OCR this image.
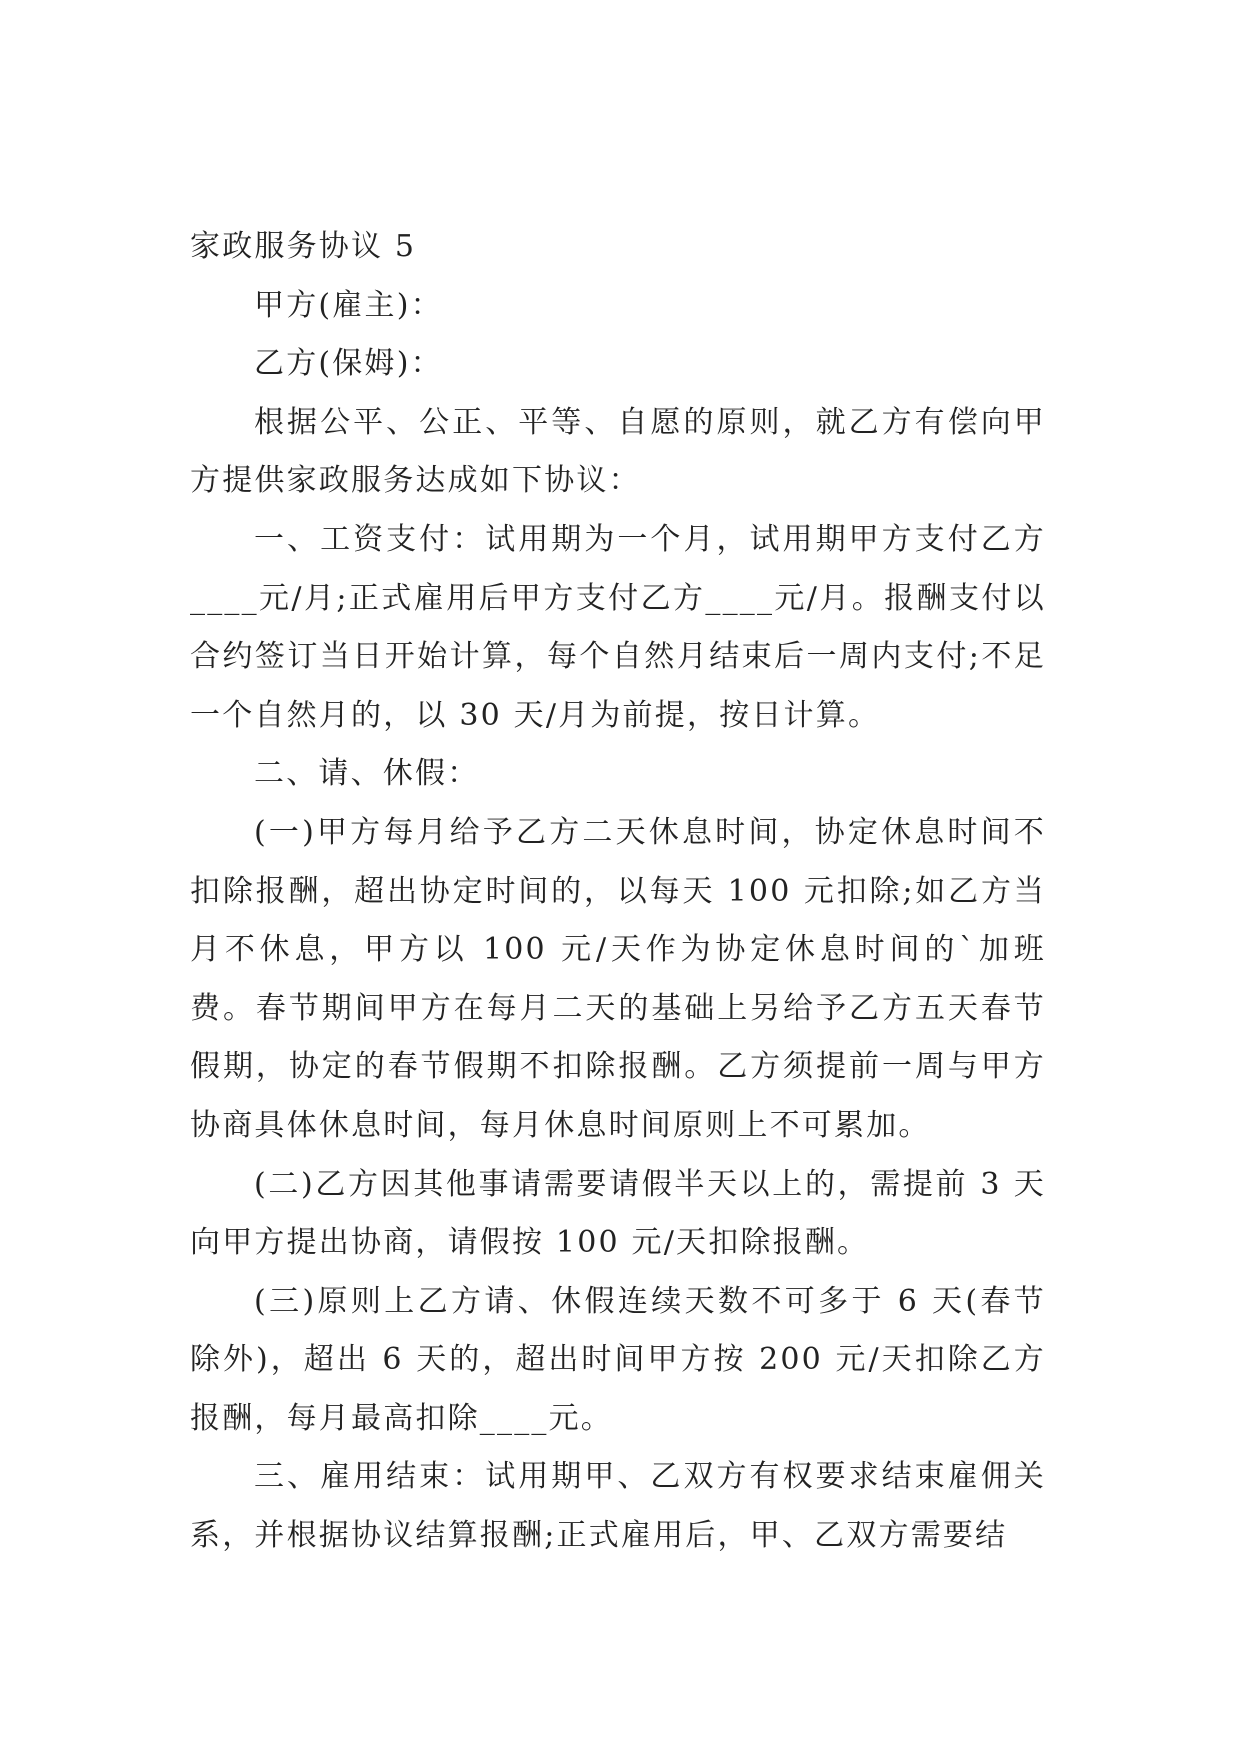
家政服务协议 5

甲方(雇主)：

乙方(保姆)：

根据公平、公正、平等、自愿的原则，就乙方有偿向甲方提供家政服务达成如下协议：

一、工资支付：试用期为一个月，试用期甲方支付乙方____元/月;正式雇用后甲方支付乙方____元/月。报酬支付以合约签订当日开始计算，每个自然月结束后一周内支付;不足一个自然月的，以 30 天/月为前提，按日计算。

二、请、休假：

(一)甲方每月给予乙方二天休息时间，协定休息时间不扣除报酬，超出协定时间的，以每天 100 元扣除;如乙方当月不休息，甲方以 100 元/天作为协定休息时间的`加班费。春节期间甲方在每月二天的基础上另给予乙方五天春节假期，协定的春节假期不扣除报酬。乙方须提前一周与甲方协商具体休息时间，每月休息时间原则上不可累加。

(二)乙方因其他事请需要请假半天以上的，需提前 3 天向甲方提出协商，请假按 100 元/天扣除报酬。

(三)原则上乙方请、休假连续天数不可多于 6 天(春节除外)，超出 6 天的，超出时间甲方按 200 元/天扣除乙方报酬，每月最高扣除____元。

三、雇用结束：试用期甲、乙双方有权要求结束雇佣关系，并根据协议结算报酬;正式雇用后，甲、乙双方需要结
